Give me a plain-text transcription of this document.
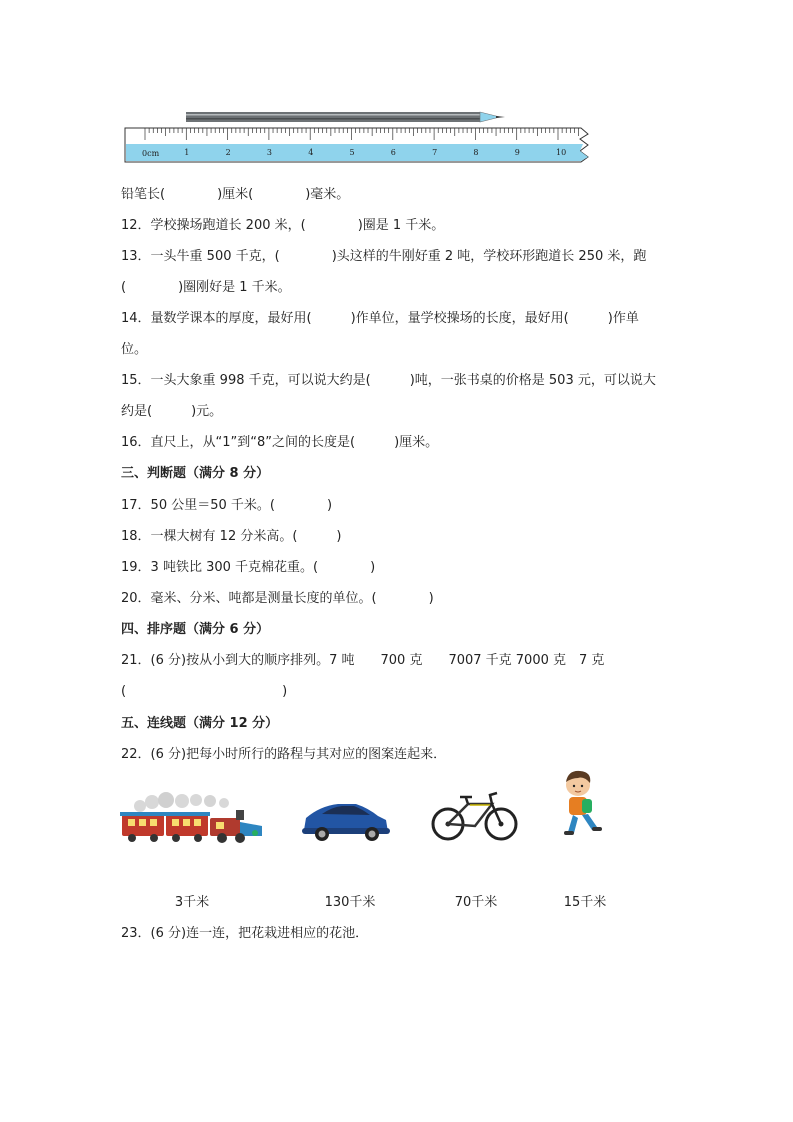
0cm	1	2	3	4	5	6	7	8	9	10
铅笔长(　　　　)厘米(　　　　)毫米。
12．学校操场跑道长 200 米，(　　　　)圈是 1 千米。
13．一头牛重 500 千克，(　　　　)头这样的牛刚好重 2 吨，学校环形跑道长 250 米，跑
(　　　　)圈刚好是 1 千米。
14．量数学课本的厚度，最好用(　　　)作单位，量学校操场的长度，最好用(　　　)作单
位。
15．一头大象重 998 千克，可以说大约是(　　　)吨，一张书桌的价格是 503 元，可以说大
约是(　　　)元。
16．直尺上，从“1”到“8”之间的长度是(　　　)厘米。
三、判断题（满分 8 分）
17．50 公里＝50 千米。(　　　　)
18．一棵大树有 12 分米高。(　　　)
19．3 吨铁比 300 千克棉花重。(　　　　)
20．毫米、分米、吨都是测量长度的单位。(　　　　)
四、排序题（满分 6 分）
21．(6 分)按从小到大的顺序排列。7 吨　　700 克　　7007 千克 7000 克　7 克
(　　　　　　　　　　　　)
五、连线题（满分 12 分）
22．(6 分)把每小时所行的路程与其对应的图案连起来．
3千米	130千米	70千米	15千米
23．(6 分)连一连，把花栽进相应的花池．
